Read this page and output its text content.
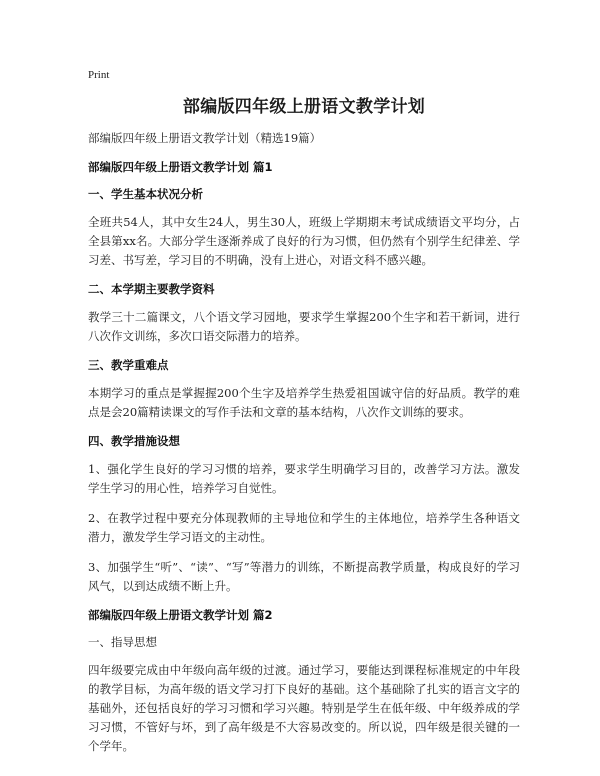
Print
部编版四年级上册语文教学计划
部编版四年级上册语文教学计划（精选19篇）
部编版四年级上册语文教学计划 篇1
一、学生基本状况分析
全班共54人，其中女生24人，男生30人，班级上学期期末考试成绩语文平均分，占全县第xx名。大部分学生逐渐养成了良好的行为习惯，但仍然有个别学生纪律差、学习差、书写差，学习目的不明确，没有上进心，对语文科不感兴趣。
二、本学期主要教学资料
教学三十二篇课文，八个语文学习园地，要求学生掌握200个生字和若干新词，进行八次作文训练，多次口语交际潜力的培养。
三、教学重难点
本期学习的重点是掌握握200个生字及培养学生热爱祖国诚守信的好品质。教学的难点是会20篇精读课文的写作手法和文章的基本结构，八次作文训练的要求。
四、教学措施设想
1、强化学生良好的学习习惯的培养，要求学生明确学习目的，改善学习方法。激发学生学习的用心性，培养学习自觉性。
2、在教学过程中要充分体现教师的主导地位和学生的主体地位，培养学生各种语文潜力，激发学生学习语文的主动性。
3、加强学生“听”、“读”、“写”等潜力的训练，不断提高教学质量，构成良好的学习风气，以到达成绩不断上升。
部编版四年级上册语文教学计划 篇2
一、指导思想
四年级要完成由中年级向高年级的过渡。通过学习，要能达到课程标准规定的中年段的教学目标，为高年级的语文学习打下良好的基础。这个基础除了扎实的语言文字的基础外，还包括良好的学习习惯和学习兴趣。特别是学生在低年级、中年级养成的学习习惯，不管好与坏，到了高年级是不大容易改变的。所以说，四年级是很关键的一个学年。
